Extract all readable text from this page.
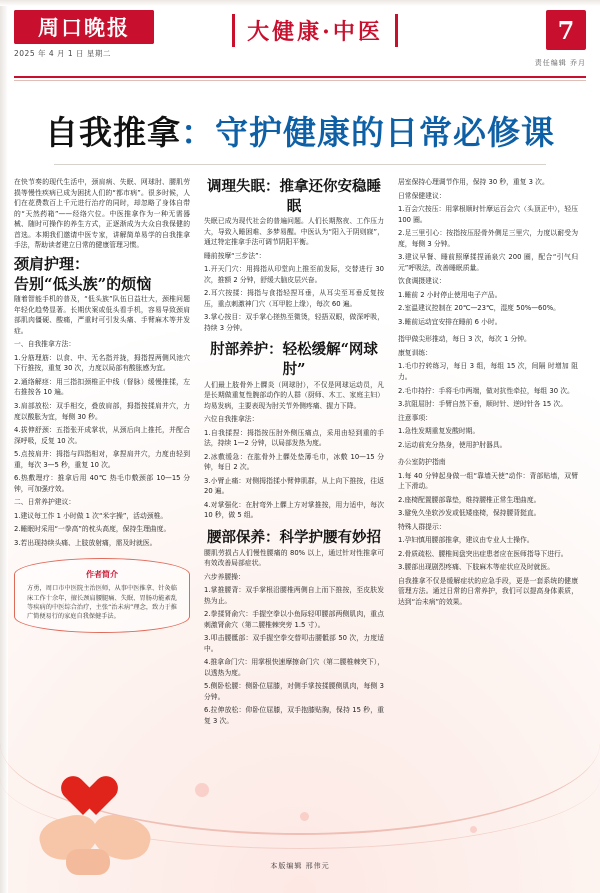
周口晚报
2025 年 4 月 1 日 星期二
大健康·中医	7
责任编辑 乔月
自我推拿：守护健康的日常必修课

在快节奏的现代生活中，颈肩病、失眠、网球肘、腰肌劳损等慢性疾病已成为困扰人们的“都市病”。很多时候，人们在花费数百上千元进行治疗的同时，却忽略了身体自带的“天然药箱”——经络穴位。中医推拿作为一种无需器械、随时可操作的养生方式，正逐渐成为大众自我保健的首选。本期我们邀请中医专家，讲解简单易学的自我推拿手法，帮助读者建立日常的健康管理习惯。

颈肩护理：
告别“低头族”的烦恼

随着智能手机的普及，“低头族”队伍日益壮大，颈椎问题年轻化趋势显著。长期伏案或低头看手机，容易导致颈肩部肌肉僵硬、酸痛，严重时可引发头痛、手臂麻木等并发症。

一、自我推拿方法：

1.分筋理筋：以食、中、无名指并拢，拇指捏两侧风池穴下行推按，重复 30 次，力度以局部有酸胀感为宜。

2.通络解痉：用三指扣颈椎正中线（督脉）缓慢推揉，左右推按各 10 遍。

3.肩部放松：双手相交，叠放肩部，拇指按揉肩井穴，力度以酸胀为宜，每侧 30 秒。

4.拔伸舒颈：五指张开成掌状，从颈后向上推托，并配合深呼吸，反复 10 次。

5.点按肩井：拇指与四指相对，拿捏肩井穴，力度由轻到重，每次 3—5 秒，重复 10 次。

6.热敷理疗：推拿后用 40℃ 热毛巾敷颈部 10—15 分钟，可加强疗效。

二、日常养护建议：

1.建议每工作 1 小时做 1 次“米字操”，活动颈椎。

2.睡眠时采用“一拳高”的枕头高度，保持生理曲度。

3.若出现持续头痛、上肢放射痛，需及时就医。

作者简介

方勇，周口市中医院主治医师，从事中医推拿、针灸临床工作十余年，擅长颈肩腰腿痛、失眠、胃肠功能紊乱等疾病的中医综合治疗，主张“治未病”理念，致力于推广简便易行的家庭自我保健手法。

调理失眠：推拿还你安稳睡眠

失眠已成为现代社会的普遍问题。人们长期熬夜、工作压力大，导致入睡困难、多梦易醒。中医认为“阳入于阴则寐”，通过特定推拿手法可调节阴阳平衡。

睡前按摩“三步法”：

1.开天门穴：用拇指从印堂向上推至前发际，交替进行 30 次，推额 2 分钟，舒缓大脑皮层兴奋。

2.耳穴按揉：拇指与食指轻捏耳垂，从耳尖至耳垂反复按压，重点刺激神门穴（耳甲腔上缘），每次 60 遍。

3.掌心按目：双手掌心搓热至微烫，轻捂双眼，做深呼吸，持续 3 分钟。

肘部养护：轻松缓解“网球肘”

人们最上肢骨外上髁炎（网球肘），不仅是网球运动员，凡是长期做重复性腕部动作的人群（厨师、木工、家庭主妇）均易发病，主要表现为肘关节外侧疼痛、握力下降。

六位自我推拿法：

1.自我揉捏：拇指按压肘外侧压痛点，采用由轻到重的手法，持续 1—2 分钟，以局部发热为度。

2.冰敷缓急：在肱骨外上髁处垫薄毛巾，冰敷 10—15 分钟，每日 2 次。

3.小臂止痛：对侧拇指揉小臂伸肌群，从上向下推按，往返 20 遍。

4.对掌强化：在肘弯外上髁上方对掌推按，用力适中，每次 10 秒，做 5 组。

腰部保养：科学护腰有妙招

腰肌劳损占人们慢性腰痛的 80% 以上，通过针对性推拿可有效改善局部症状。

六步养腰操：

1.掌推腰背：双手掌根沿腰椎两侧自上而下推按，至皮肤发热为止。

2.拳揉肾俞穴：手握空拳以小鱼际轻叩腰部两侧肌肉，重点刺激肾俞穴（第二腰椎棘突旁 1.5 寸）。

3.叩击腰骶部：双手握空拳交替叩击腰骶部 50 次，力度适中。

4.推拿命门穴：用掌根快速摩擦命门穴（第二腰椎棘突下），以透热为度。

5.侧卧松腰：侧卧位屈膝，对侧手掌按揉腰侧肌肉，每侧 3 分钟。

6.拉伸放松：仰卧位屈膝，双手抱膝贴胸，保持 15 秒，重复 3 次。

居室保持心理调节作用，保持 30 秒，重复 3 次。

日常保健建议：

1.百会穴按压：用掌根顺时针摩运百会穴（头顶正中），轻压 100 圈。

2.足三里引心：按指按压胫骨外侧足三里穴，力度以耐受为度，每侧 3 分钟。

3.建议早餐、睡前照摩揉捏涌泉穴 200 圈，配合“引气归元”呼吸法，改善睡眠质量。

饮食调摄建议：

1.睡前 2 小时停止使用电子产品。

2.室温建议控制在 20℃—23℃，湿度 50%—60%。

3.睡前运动宜安排在睡前 6 小时。

指甲做尖形推动，每日 3 次，每次 1 分钟。

康复训练：

1.毛巾拧转练习，每日 3 组，每组 15 次，间隔 时增加 阻力。

2.毛巾持拧：手将毛巾两端，做对抗性牵拉，每组 30 次。

3.抗阻屈肘：手臂自然下垂，顺时针、逆时针各 15 次。

注意事项：

1.急性发期重复发酸时期。

2.运动前充分热身，使用护肘器具。

办公室防护指南

1.每 40 分钟起身做一组“靠墙天使”动作：背部贴墙，双臂上下滑动。

2.座椅配置腰部靠垫，维持腰椎正常生理曲度。

3.避免久坐软沙发或低矮座椅，保持腰背挺直。

特殊人群提示：

1.孕妇慎用腰部推拿，建议由专业人士操作。

2.骨质疏松、腰椎间盘突出症患者应在医师指导下进行。

3.腰部出现剧烈疼痛、下肢麻木等症状应及时就医。

自我推拿不仅是缓解症状的应急手段，更是一套系统的健康管理方法。通过日常的日常养护，我们可以提高身体素质，达到“治未病”的效果。

本版编辑 邢伟元
